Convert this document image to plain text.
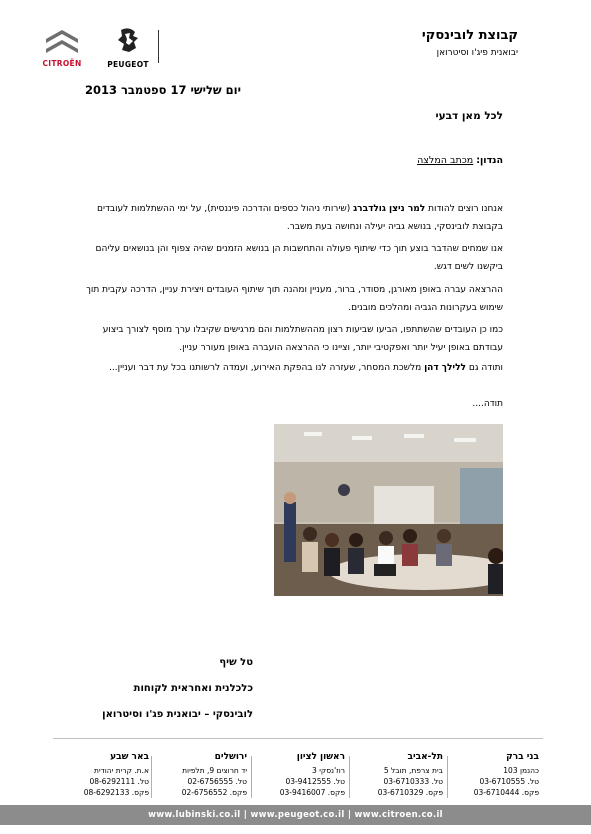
CITROËN	PEUGEOT
קבוצת לובינסקי
יבואנית פיג'ו וסיטרואן
יום שלישי 17 ספטמבר 2013
לכל מאן דבעי
הנדון: מכתב המלצה
אנחנו רוצים להודות למר ניצן גולדברג (שירותי ניהול כספים והדרכה פיננסית), על ימי ההשתלמות לעובדים בקבוצת לובינסקי, בנושא גביה יעילה ונחושה בעת משבר.
אנו שמחים שהדבר בוצע תוך כדי שיתוף פעולה והתחשבות הן בנושא הזמנים שהיה צפוף והן בנושאים עליהם ביקשנו לשים דגש.
ההרצאה עברה באופן מאורגן, מסודר, ברור, מעניין ומהנה תוך שיתוף העובדים ויצירת עניין, הדרכה עקבית תוך שימוש בעקרונות הגביה ומהלכים מובנים.
כמו כן העובדים שהשתתפו, הביעו שביעות רצון מההשתלמות והם מרגישים שקיבלו ערך מוסף לצורך ביצוע עבודתם באופן יעיל יותר ואפקטיבי יותר, וציינו כי ההרצאה הועברה באופן מעורר עניין.
ותודה גם ללילך דהן מלשכת המסחר, שעזרה לנו בהפקת האירוע, ועמדה לרשותנו בכל עת דבר ועניין...
תודה....
טל שיף
כלכלנית ואחראית לקוחות
לובינסקי – יבואנית פג'ו וסיטרואן
בני ברק
כהנמן 103
טל. 03-6710555
פקס. 03-6710444
תל-אביב
בית צרפת, תובל 5
טל. 03-6710333
פקס. 03-6710329
ראשון לציון
רוז'נסקי 3
טל. 03-9412555
פקס. 03-9416007
ירושלים
יד חרוצים 9, תלפיות
טל. 02-6756555
פקס. 02-6756552
באר שבע
א.ת. קרית יהודית
טל. 08-6292111
פקס. 08-6292133
www.lubinski.co.il | www.peugeot.co.il | www.citroen.co.il
